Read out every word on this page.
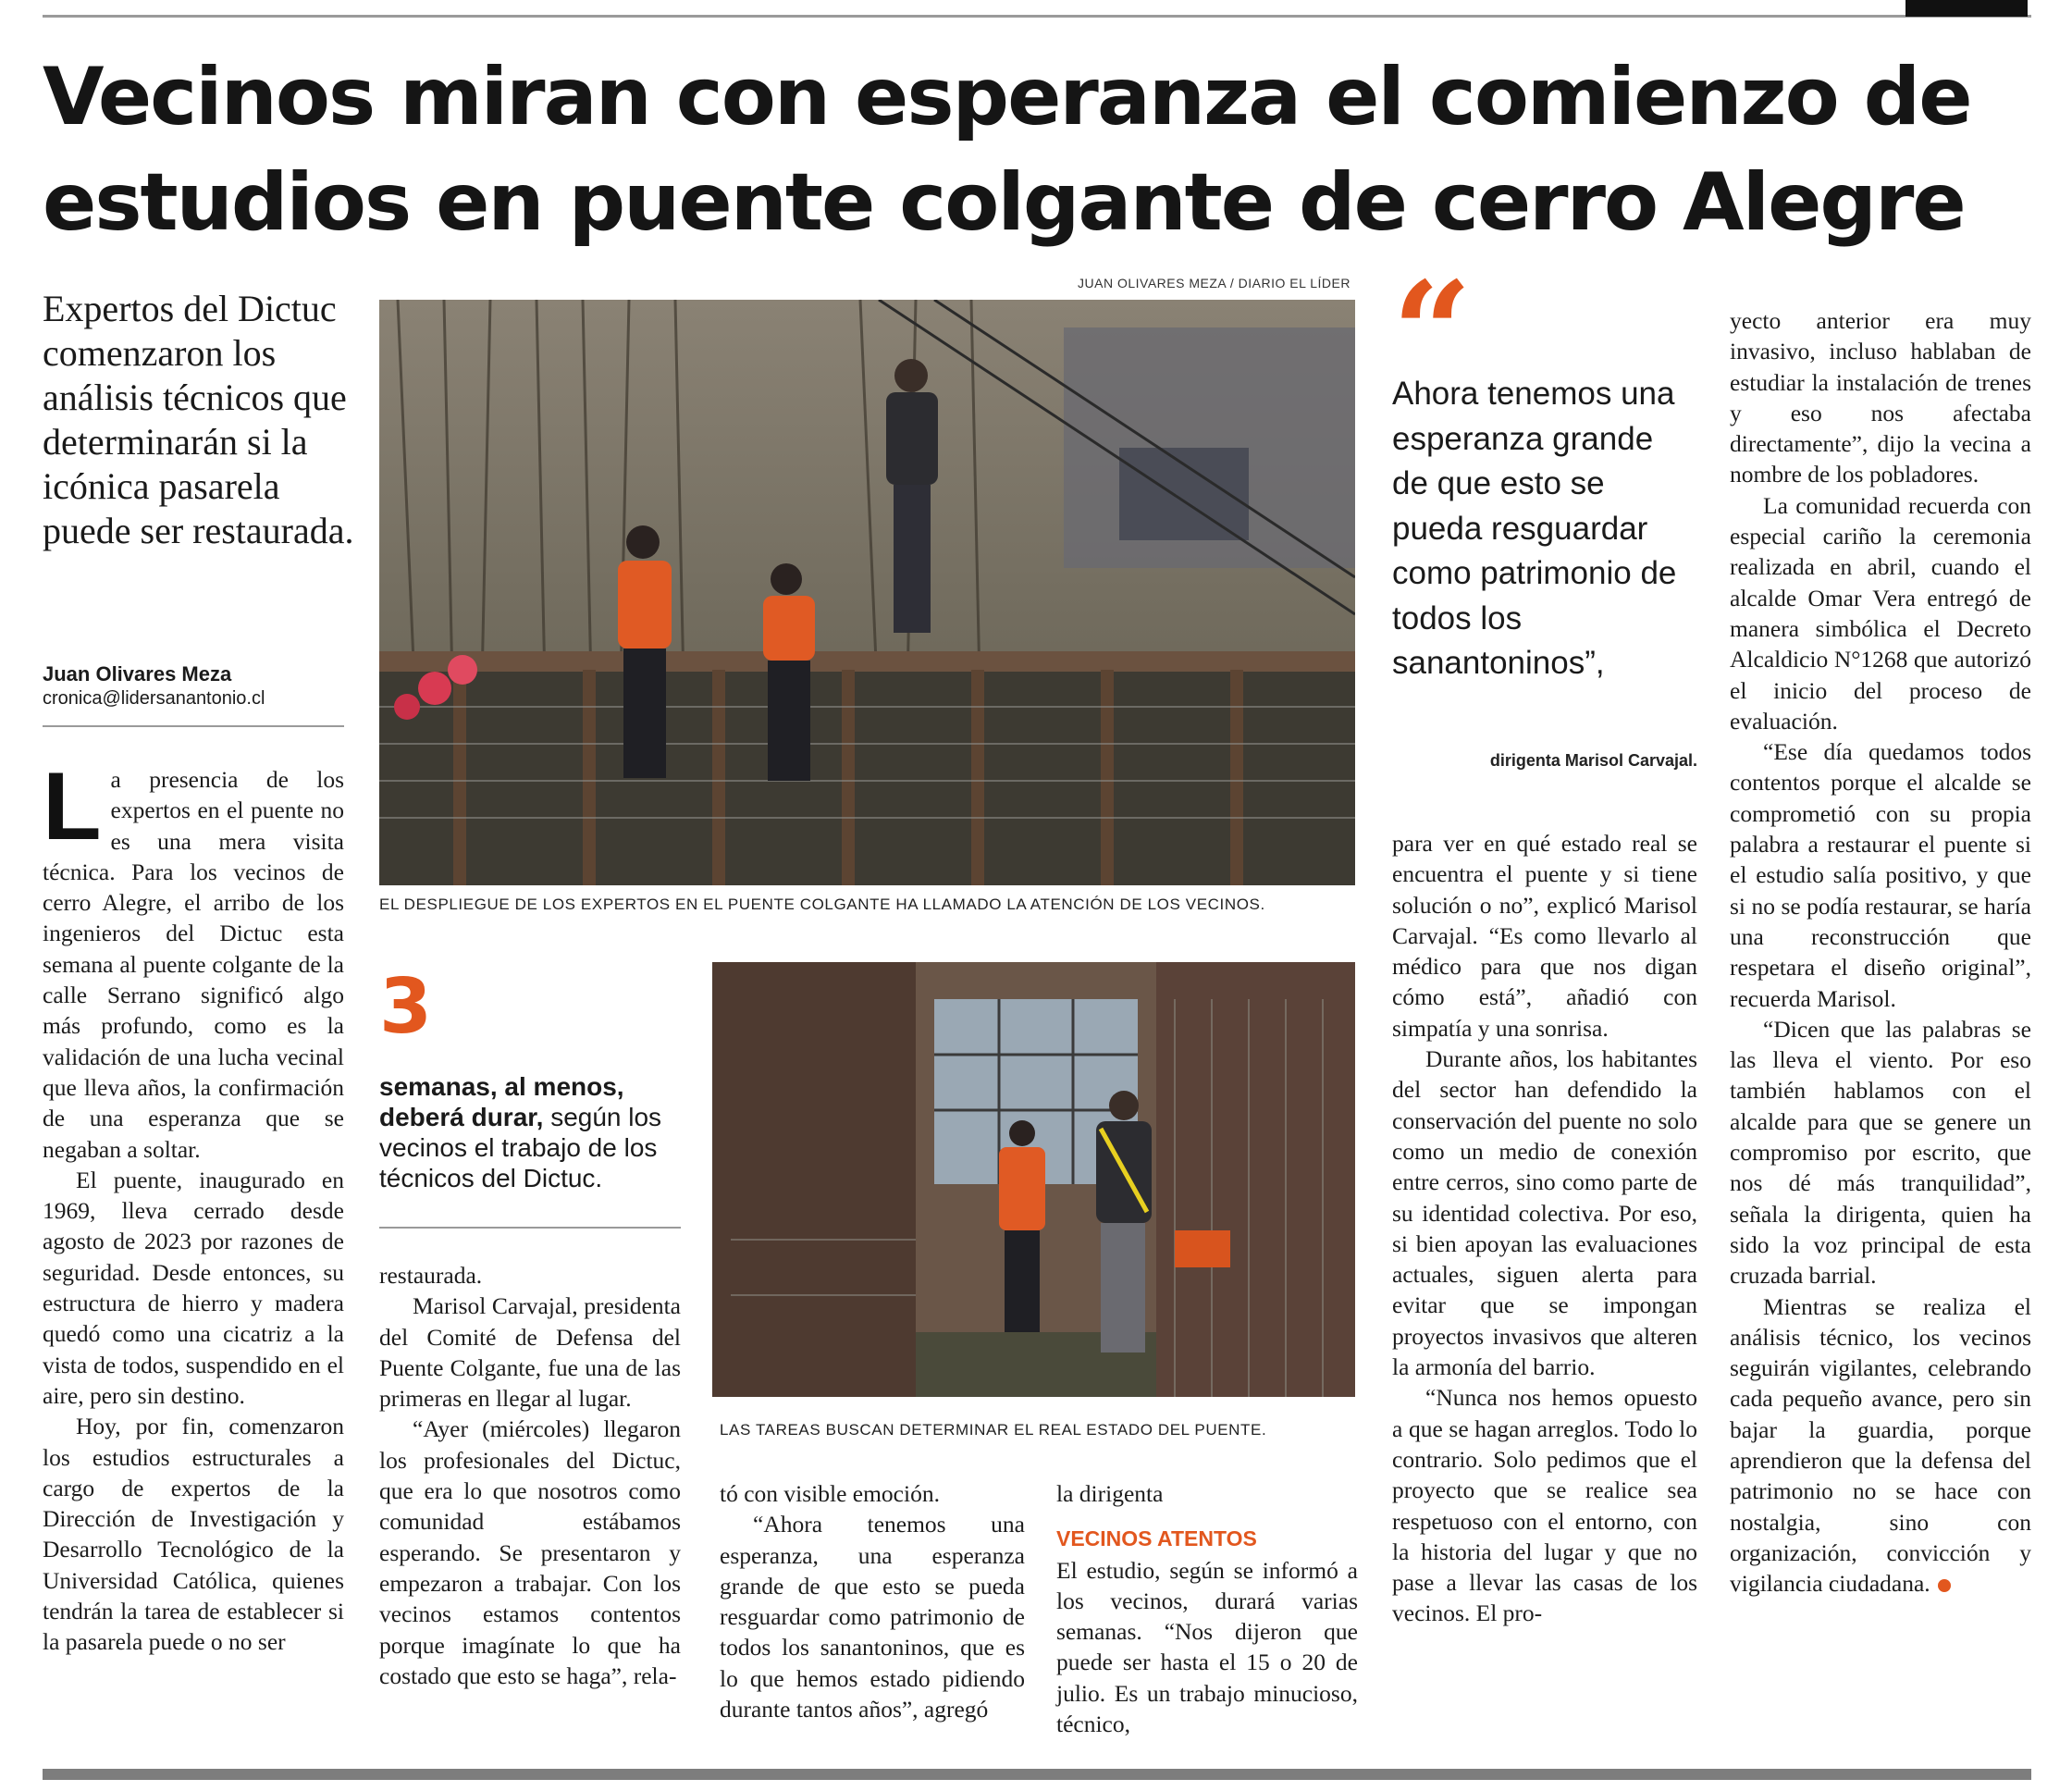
Vecinos miran con esperanza el comienzo de
estudios en puente colgante de cerro Alegre
Expertos del Dictuc comenzaron los análisis técnicos que determinarán si la icónica pasarela puede ser restaurada.
Juan Olivares Meza
cronica@lidersanantonio.cl

La presencia de los expertos en el puente no es una mera visita técnica. Para los vecinos de cerro Alegre, el arribo de los ingenieros del Dictuc esta semana al puente colgante de la calle Serrano significó algo más profundo, como es la validación de una lucha vecinal que lleva años, la confirmación de una esperanza que se negaban a soltar.

El puente, inaugurado en 1969, lleva cerrado desde agosto de 2023 por razones de seguridad. Desde entonces, su estructura de hierro y madera quedó como una cicatriz a la vista de todos, suspendido en el aire, pero sin destino.

Hoy, por fin, comenzaron los estudios estructurales a cargo de expertos de la Dirección de Investigación y Desarrollo Tecnológico de la Universidad Católica, quienes tendrán la tarea de establecer si la pasarela puede o no ser

JUAN OLIVARES MEZA / DIARIO EL LÍDER
EL DESPLIEGUE DE LOS EXPERTOS EN EL PUENTE COLGANTE HA LLAMADO LA ATENCIÓN DE LOS VECINOS.
3
semanas, al menos, deberá durar, según los vecinos el trabajo de los técnicos del Dictuc.

restaurada.

Marisol Carvajal, presidenta del Comité de Defensa del Puente Colgante, fue una de las primeras en llegar al lugar.

“Ayer (miércoles) llegaron los profesionales del Dictuc, que era lo que nosotros como comunidad estábamos esperando. Se presentaron y empezaron a trabajar. Con los vecinos estamos contentos porque imagínate lo que ha costado que esto se haga”, rela-

LAS TAREAS BUSCAN DETERMINAR EL REAL ESTADO DEL PUENTE.

tó con visible emoción.

“Ahora tenemos una esperanza, una esperanza grande de que esto se pueda resguardar como patrimonio de todos los sanantoninos, que es lo que hemos estado pidiendo durante tantos años”, agregó

la dirigenta

VECINOS ATENTOS

El estudio, según se informó a los vecinos, durará varias semanas. “Nos dijeron que puede ser hasta el 15 o 20 de julio. Es un trabajo minucioso, técnico,

“
Ahora tenemos una esperanza grande de que esto se pueda resguardar como patrimonio de todos los sanantoninos”,
dirigenta Marisol Carvajal.

para ver en qué estado real se encuentra el puente y si tiene solución o no”, explicó Marisol Carvajal. “Es como llevarlo al médico para que nos digan cómo está”, añadió con simpatía y una sonrisa.

Durante años, los habitantes del sector han defendido la conservación del puente no solo como un medio de conexión entre cerros, sino como parte de su identidad colectiva. Por eso, si bien apoyan las evaluaciones actuales, siguen alerta para evitar que se impongan proyectos invasivos que alteren la armonía del barrio.

“Nunca nos hemos opuesto a que se hagan arreglos. Todo lo contrario. Solo pedimos que el proyecto que se realice sea respetuoso con el entorno, con la historia del lugar y que no pase a llevar las casas de los vecinos. El pro-

yecto anterior era muy invasivo, incluso hablaban de estudiar la instalación de trenes y eso nos afectaba directamente”, dijo la vecina a nombre de los pobladores.

La comunidad recuerda con especial cariño la ceremonia realizada en abril, cuando el alcalde Omar Vera entregó de manera simbólica el Decreto Alcaldicio N°1268 que autorizó el inicio del proceso de evaluación.

“Ese día quedamos todos contentos porque el alcalde se comprometió con su propia palabra a restaurar el puente si el estudio salía positivo, y que si no se podía restaurar, se haría una reconstrucción que respetara el diseño original”, recuerda Marisol.

“Dicen que las palabras se las lleva el viento. Por eso también hablamos con el alcalde para que se genere un compromiso por escrito, que nos dé más tranquilidad”, señala la dirigenta, quien ha sido la voz principal de esta cruzada barrial.

Mientras se realiza el análisis técnico, los vecinos seguirán vigilantes, celebrando cada pequeño avance, pero sin bajar la guardia, porque aprendieron que la defensa del patrimonio no se hace con nostalgia, sino con organización, convicción y vigilancia ciudadana.
